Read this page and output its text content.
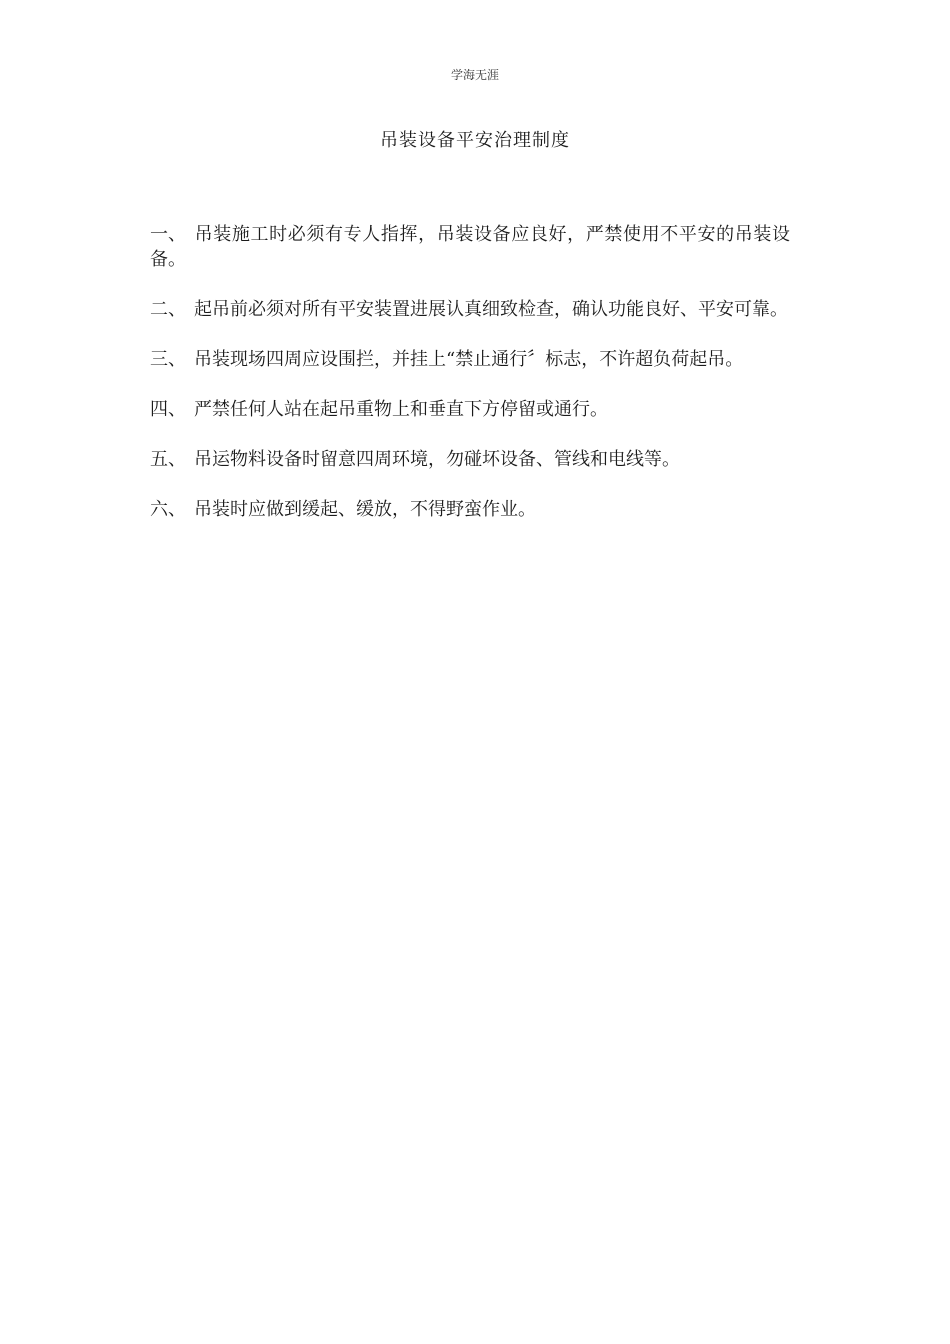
学海无涯
吊装设备平安治理制度

一、 吊装施工时必须有专人指挥，吊装设备应良好，严禁使用不平安的吊装设备。

二、 起吊前必须对所有平安装置进展认真细致检查，确认功能良好、平安可靠。

三、 吊装现场四周应设围拦，并挂上“禁止通行〞标志，不许超负荷起吊。

四、 严禁任何人站在起吊重物上和垂直下方停留或通行。

五、 吊运物料设备时留意四周环境，勿碰坏设备、管线和电线等。

六、 吊装时应做到缓起、缓放，不得野蛮作业。
